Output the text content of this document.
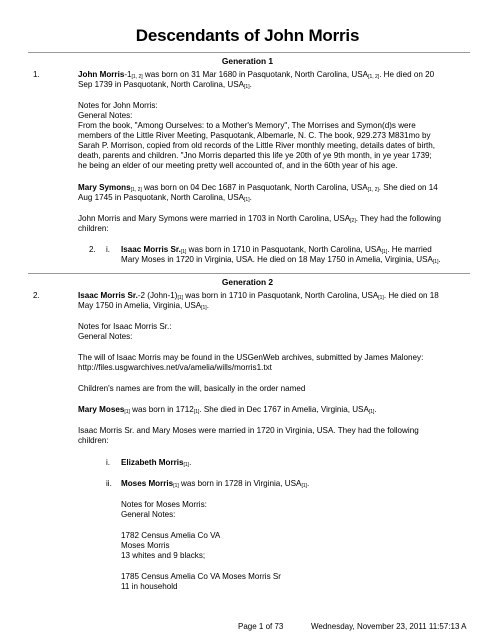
Descendants of John Morris
Generation 1
1.	John Morris-$1_{[1, 2]}$ was born on 31 Mar 1680 in Pasquotank, North Carolina, $USA_{[1, 2]}$. He died on 20
Sep 1739 in Pasquotank, North Carolina, $USA_{[1]}$.
Notes for John Morris:
General Notes:
From the book, "Among Ourselves: to a Mother's Memory", The Morrises and Symon(d)s were
members of the Little River Meeting, Pasquotank, Albemarle, N. C. The book, 929.273 M831mo by
Sarah P. Morrison, copied from old records of the Little River monthly meeting, details dates of birth,
death, parents and children. "Jno Morris departed this life ye 20th of ye 9th month, in ye year 1739;
he being an elder of our meeting pretty well accounted of, and in the 60th year of his age.
Mary Symons$_{[1, 2]}$ was born on 04 Dec 1687 in Pasquotank, North Carolina, $USA_{[1, 2]}$. She died on 14
Aug 1745 in Pasquotank, North Carolina, $USA_{[1]}$.
John Morris and Mary Symons were married in 1703 in North Carolina, $USA_{[2]}$. They had the following
children:
2. i. Isaac Morris $Sr._{[1]}$ was born in 1710 in Pasquotank, North Carolina, $USA_{[1]}$. He married
Mary Moses in 1720 in Virginia, USA. He died on 18 May 1750 in Amelia, Virginia, $USA_{[1]}$.
Generation 2
2.	Isaac Morris Sr.-2 $(John-1)_{[1]}$ was born in 1710 in Pasquotank, North Carolina, $USA_{[1]}$. He died on 18
May 1750 in Amelia, Virginia, $USA_{[1]}$.
Notes for Isaac Morris Sr.:
General Notes:
The will of Isaac Morris may be found in the USGenWeb archives, submitted by James Maloney:
http://files.usgwarchives.net/va/amelia/wills/morris1.txt
Children's names are from the will, basically in the order named
Mary Moses$_{[1]}$ was born in $1712_{[1]}$. She died in Dec 1767 in Amelia, Virginia, $USA_{[1]}$.
Isaac Morris Sr. and Mary Moses were married in 1720 in Virginia, USA. They had the following
children:
i. Elizabeth Morris$_{[1]}$.
ii. Moses Morris$_{[1]}$ was born in 1728 in Virginia, $USA_{[1]}$.
Notes for Moses Morris:
General Notes:
1782 Census Amelia Co VA
Moses Morris
13 whites and 9 blacks;
1785 Census Amelia Co VA Moses Morris Sr
11 in household
Page 1 of 73	Wednesday, November 23, 2011 11:57:13 A
